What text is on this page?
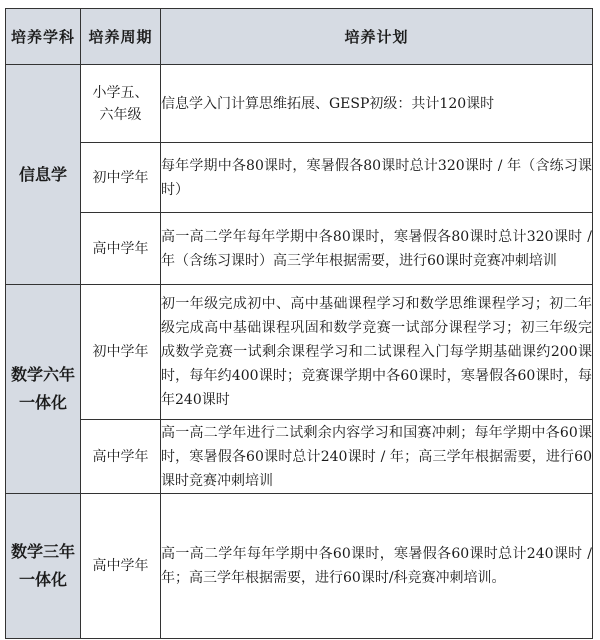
培养学科	培养周期	培养计划

信息学	小学五、六年级	信息学入门计算思维拓展、GESP初级：共计120课时
	初中学年	每年学期中各80课时，寒暑假各80课时总计320课时 / 年（含练习课时）
	高中学年	高一高二学年每年学期中各80课时，寒暑假各80课时总计320课时 / 年（含练习课时）高三学年根据需要，进行60课时竞赛冲刺培训

数学六年
一体化	初中学年	初一年级完成初中、高中基础课程学习和数学思维课程学习；初二年级完成高中基础课程巩固和数学竞赛一试部分课程学习；初三年级完成数学竞赛一试剩余课程学习和二试课程入门每学期基础课约200课时，每年约400课时；竞赛课学期中各60课时，寒暑假各60课时，每年240课时
	高中学年	高一高二学年进行二试剩余内容学习和国赛冲刺；每年学期中各60课时，寒暑假各60课时总计240课时 / 年；高三学年根据需要，进行60课时竞赛冲刺培训

数学三年
一体化	高中学年	高一高二学年每年学期中各60课时，寒暑假各60课时总计240课时 / 年；高三学年根据需要，进行60课时/科竞赛冲刺培训。
